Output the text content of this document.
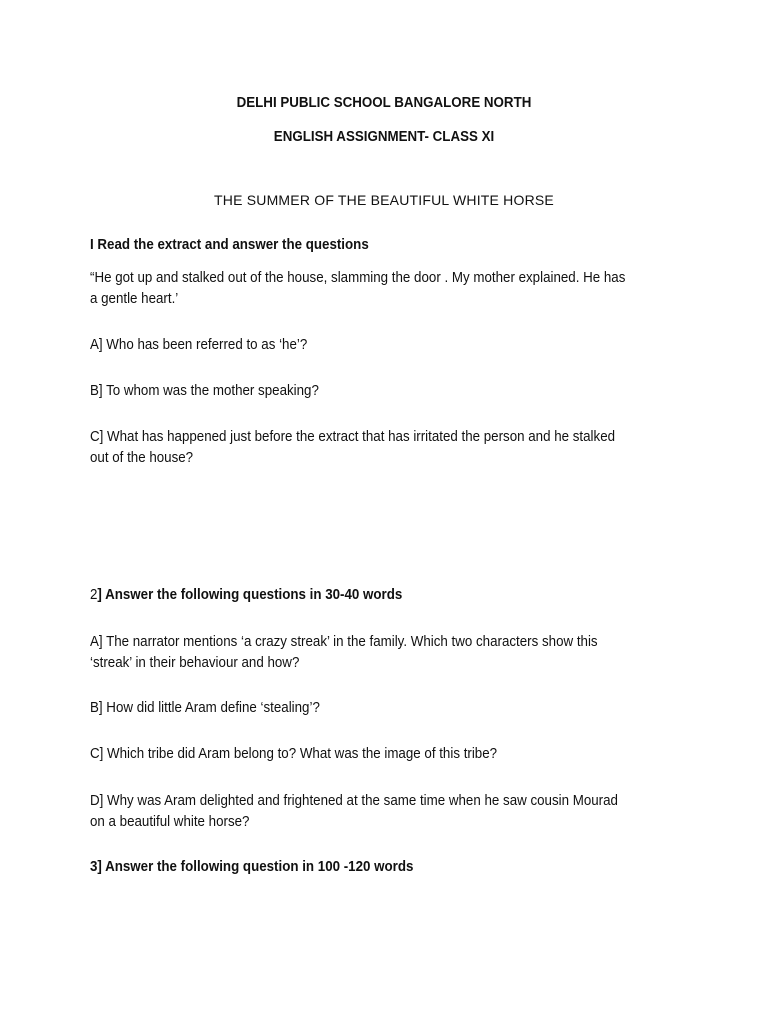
DELHI PUBLIC SCHOOL BANGALORE NORTH
ENGLISH ASSIGNMENT- CLASS XI
THE SUMMER OF THE BEAUTIFUL WHITE HORSE
I Read the extract and answer the questions
“He got up and stalked out of the house, slamming the door . My mother explained. He has
a gentle heart.’
A] Who has been referred to as ‘he’?
B] To whom was the mother speaking?
C] What has happened just before the extract that has irritated the person and he stalked
out of the house?
2] Answer the following questions in 30-40 words
A] The narrator mentions ‘a crazy streak’ in the family. Which two characters show this
‘streak’ in their behaviour and how?
B] How did little Aram define ‘stealing’?
C] Which tribe did Aram belong to? What was the image of this tribe?
D] Why was Aram delighted and frightened at the same time when he saw cousin Mourad
on a beautiful white horse?
3] Answer the following question in 100 -120 words
